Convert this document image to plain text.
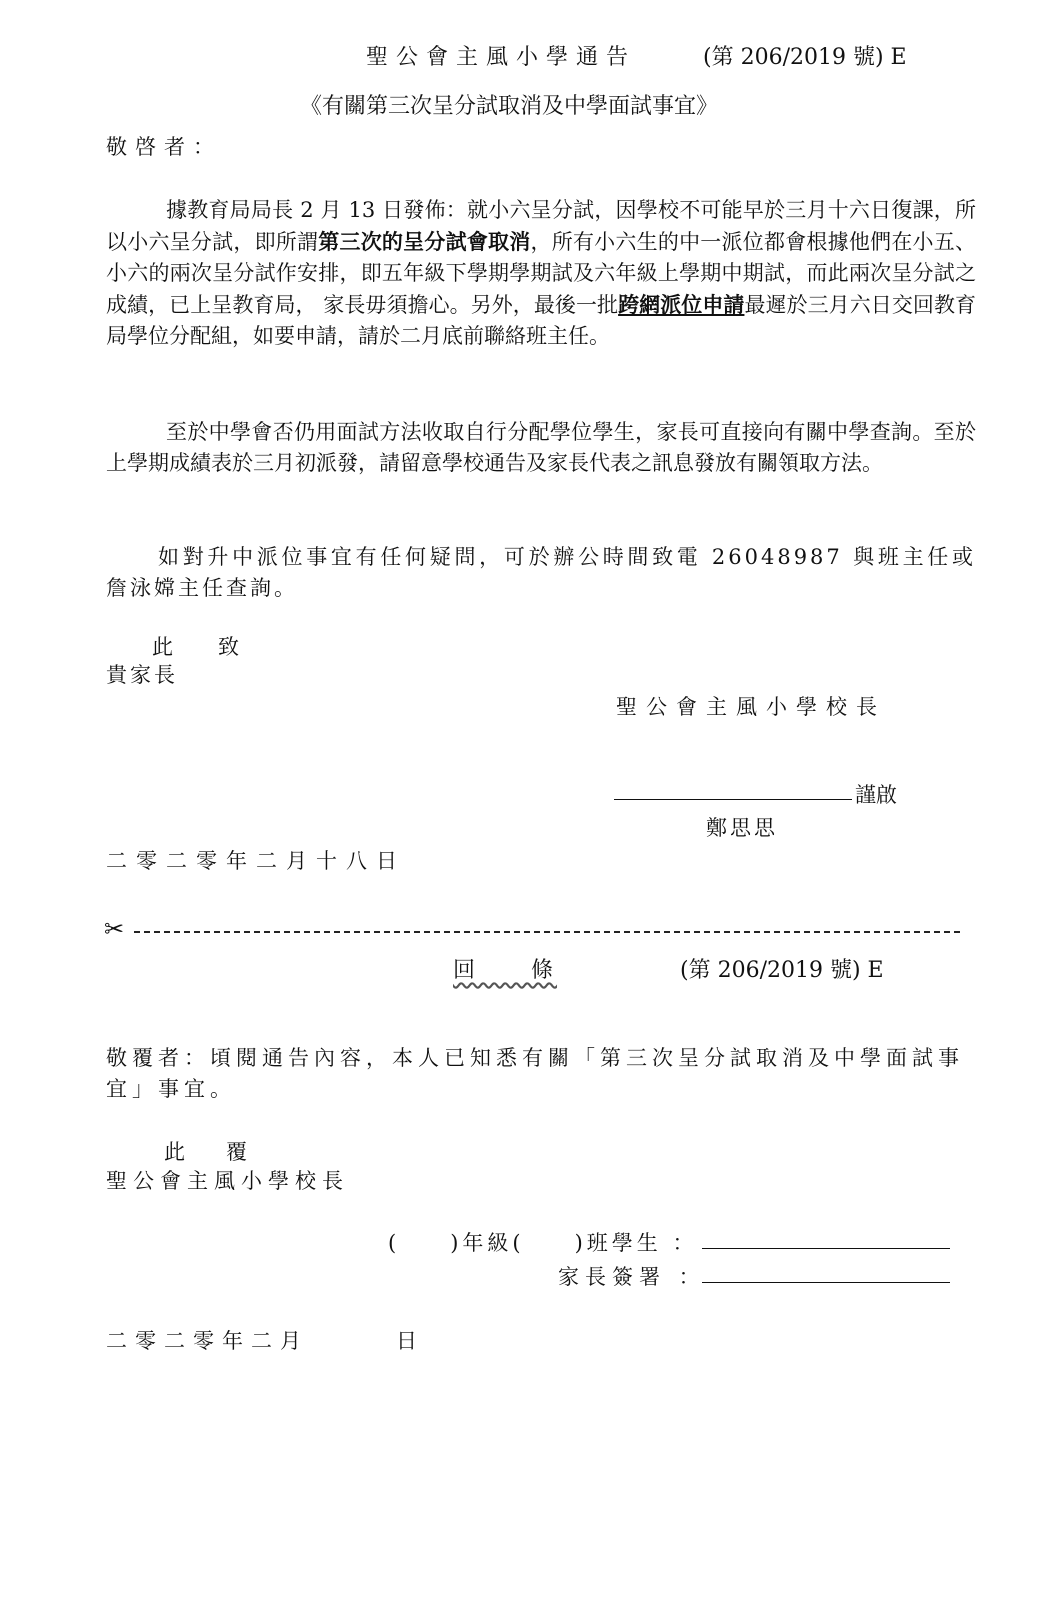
聖公會主風小學通告	(第 206/2019 號) E
《有關第三次呈分試取消及中學面試事宜》
敬啓者：
據教育局局長 2 月 13 日發佈：就小六呈分試，因學校不可能早於三月十六日復課，所以小六呈分試，即所謂第三次的呈分試會取消，所有小六生的中一派位都會根據他們在小五、小六的兩次呈分試作安排，即五年級下學期學期試及六年級上學期中期試，而此兩次呈分試之成績，已上呈教育局， 家長毋須擔心。另外，最後一批跨網派位申請最遲於三月六日交回教育局學位分配組，如要申請，請於二月底前聯絡班主任。
至於中學會否仍用面試方法收取自行分配學位學生，家長可直接向有關中學查詢。至於上學期成績表於三月初派發，請留意學校通告及家長代表之訊息發放有關領取方法。
如對升中派位事宜有任何疑問，可於辦公時間致電 26048987 與班主任或詹泳嫦主任查詢。
此　致
貴家長
聖公會主風小學校長
謹啟
鄭思思
二零二零年二月十八日
✂
回　　條	(第 206/2019 號) E
敬覆者：頃閱通告內容，本人已知悉有關「第三次呈分試取消及中學面試事宜」事宜。
此　覆
聖公會主風小學校長
(　　)年級(　　)班學生 ：
家長簽署 ：
二零二零年二月　　　日
